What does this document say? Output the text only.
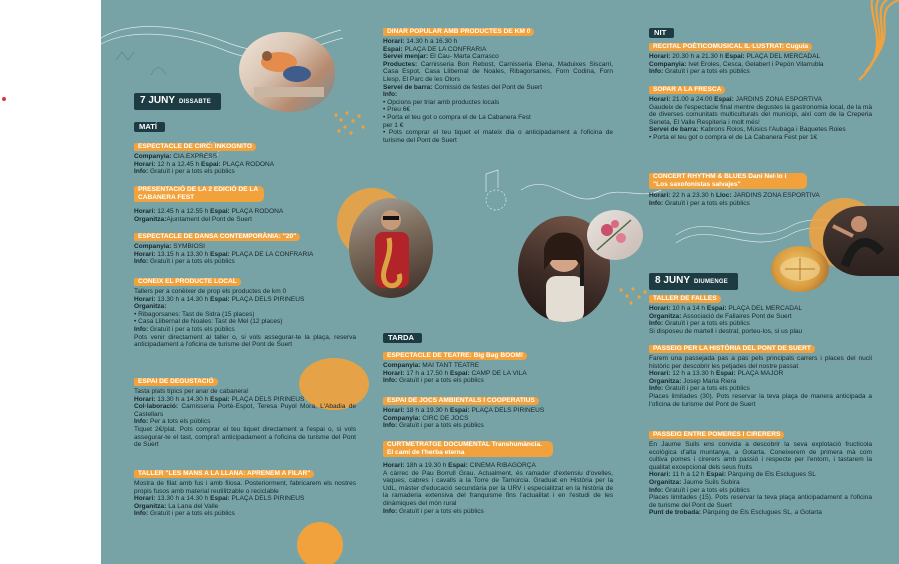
7 JUNY DISSABTE
MATÍ
ESPECTACLE DE CIRC: INKOGNITO
Companyia: CIA.EXPRESS
Horari: 12 h a 12.45 h Espai: PLAÇA RODONA
Info: Gratuït i per a tots els públics
PRESENTACIÓ DE LA 2 EDICIÓ DE LA CABANERA FEST
Horari: 12.45 h a 12.55 h Espai: PLAÇA RODONA
Organitza:Ajuntament del Pont de Suert
ESPECTACLE DE DANSA CONTEMPORÀNIA: "20"
Companyia: SYMBIOSI
Horari: 13.15 h a 13.30 h Espai: PLAÇA DE LA CONFRARIA
Info: Gratuït i per a tots els públics
CONEIX EL PRODUCTE LOCAL
Tallers per a conèixer de prop els productes de km 0
Horari: 13.30 h a 14.30 h Espai: PLAÇA DELS PIRINEUS
Organitza:
• Ribagorsanes: Tast de Sidra (15 places)
• Casa Llibernal de Noales: Tast de Mel (12 places)
Info: Gratuït i per a tots els públics
Pots venir directament al taller o, si vols assegurar-te la plaça, reserva anticipadament a l'oficina de turisme del Pont de Suert
ESPAI DE DEGUSTACIÓ
Tasta plats típics per anar de cabanera!
Horari: 13.30 h a 14.30 h Espai: PLAÇA DELS PIRINEUS
Col·laboració: Carnisseria Portè-Espot, Teresa Puyol Mora, L'Abadia de Castellars
Info: Per a tots els públics
Tiquet 2€/plat. Pots comprar el teu tiquet directament a l'espai o, si vols assegurar-te el tast, compra'l anticipadament a l'oficina de turisme del Pont de Suert
TALLER "LES MANS A LA LLANA: APRENEM A FILAR"
Mostra de filat amb fus i amb filosa. Posteriorment, fabricarem els nostres propis fusos amb material reutilitzable o reciclable
Horari: 13.30 h a 14.30 h Espai: PLAÇA DELS PIRINEUS
Organitza: La Lana del Valle
Info: Gratuït i per a tots els públics
DINAR POPULAR AMB PRODUCTES DE KM 0
Horari: 14.30 h a 16.30 h
Espai: PLAÇA DE LA CONFRARIA
Servei menjar: El Cau- Marta Carrasco
Productes: Carnisseria Bon Rebost, Carnisseria Elena, Maduixes Siscarri, Casa Espot, Casa Llibernal de Noales, Ribagorsanes, Forn Codina, Forn Llesp, El Parc de les Olors
Servei de barra: Comissió de festes del Pont de Suert
Info:
• Opcions per triar amb productes locals
• Preu 6€
• Porta el teu got o compra el de La Cabanera Fest
per 1 €
• Pots comprar el teu tiquet el mateix dia o anticipadament a l'oficina de turisme del Pont de Suert
TARDA
ESPECTACLE DE TEATRE: Big Bag BOOM!
Companyia: MAI TANT TEATRE
Horari: 17 h a 17.50 h Espai: CAMP DE LA VILA
Info: Gratuït i per a tots els públics
ESPAI DE JOCS AMBIENTALS I COOPERATIUS
Horari: 18 h a 19.30 h Espai: PLAÇA DELS PIRINEUS
Companyia: CIRC DE JOCS
Info: Gratuït i per a tots els públics
CURTMETRATGE DOCUMENTAL Transhumància. El camí de l'herba eterna
Horari: 18h a 19.30 h Espai: CINEMA RIBAGORÇA
A càrrec de Pau Borrull Grau. Actualment, és ramader d'extensiu d'ovelles, vaques, cabres i cavalls a la Torre de Tamúrcia. Graduat en Història per la UdL, màster d'educació secundària per la URV i especialitzat en la història de la ramaderia extensiva del franquisme fins l'actualitat i en l'estudi de les dinàmiques del món rural
Info: Gratuït i per a tots els públics
NIT
RECITAL POÈTICOMUSICAL IL·LUSTRAT: Cuguia
Horari: 20.30 h a 21.30 h Espai: PLAÇA DEL MERCADAL
Companyia: Ivet Eroles, Cesca, Gelabert i Pepón Vilarrubla
Info: Gratuït i per a tots els públics
SOPAR A LA FRESCA
Horari: 21.00 a 24.00 Espai: JARDINS ZONA ESPORTIVA
Gaudeix de l'espectacle final mentre degustes la gastronomia local, de la mà de diverses comunitats multiculturals del municipi, així com de la Creperia Seneta, El Valle Respiteria i molt més!
Servei de barra: Kabrons Roios, Músics l'Aubaga i Baquetes Roies
• Porta el teu got o compra el de La Cabanera Fest per 1€
CONCERT RHYTHM & BLUES Dani Nel·lo i "Los saxofonistas salvajes"
Horari: 22 h a 23.30 h Lloc: JARDINS ZONA ESPORTIVA
Info: Gratuït i per a tots els públics
8 JUNY DIUMENGE
TALLER DE FALLES
Horari: 10 h a 14 h Espai: PLAÇA DEL MERCADAL
Organitza: Associació de Fallaires Pont de Suert
Info: Gratuït i per a tots els públics
Si disposeu de martell i destral, porteu-los, si us plau
PASSEIG PER LA HISTÒRIA DEL PONT DE SUERT
Farem una passejada pas a pas pels principals carrers i places del nucli històric per descobrir les petjades del nostre passat
Horari: 12 h a 13.30 h Espai: PLAÇA MAJOR
Organitza: Josep Maria Riera
Info: Gratuït i per a tots els públics
Places limitades (30). Pots reservar la teva plaça de manera anticipada a l'oficina de turisme del Pont de Suert
PASSEIG ENTRE POMERES I CIRERERS
En Jaume Suils ens convida a descobrir la seva explotació fructícola ecològica d'alta muntanya, a Gotarta. Coneixerem de primera mà com cultiva pomes i cirerers amb passió i respecte per l'entorn, i tastarem la qualitat excepcional dels seus fruits
Horari: 11 h a 12 h Espai: Pàrquing de Els Esclugues SL
Organitza: Jaume Suils Subira
Info: Gratuït i per a tots els públics
Places limitades (15). Pots reservar la teva plaça anticipadament a l'oficina de turisme del Pont de Suert
Punt de trobada: Pàrquing de Els Esclugues SL, a Gotarta
